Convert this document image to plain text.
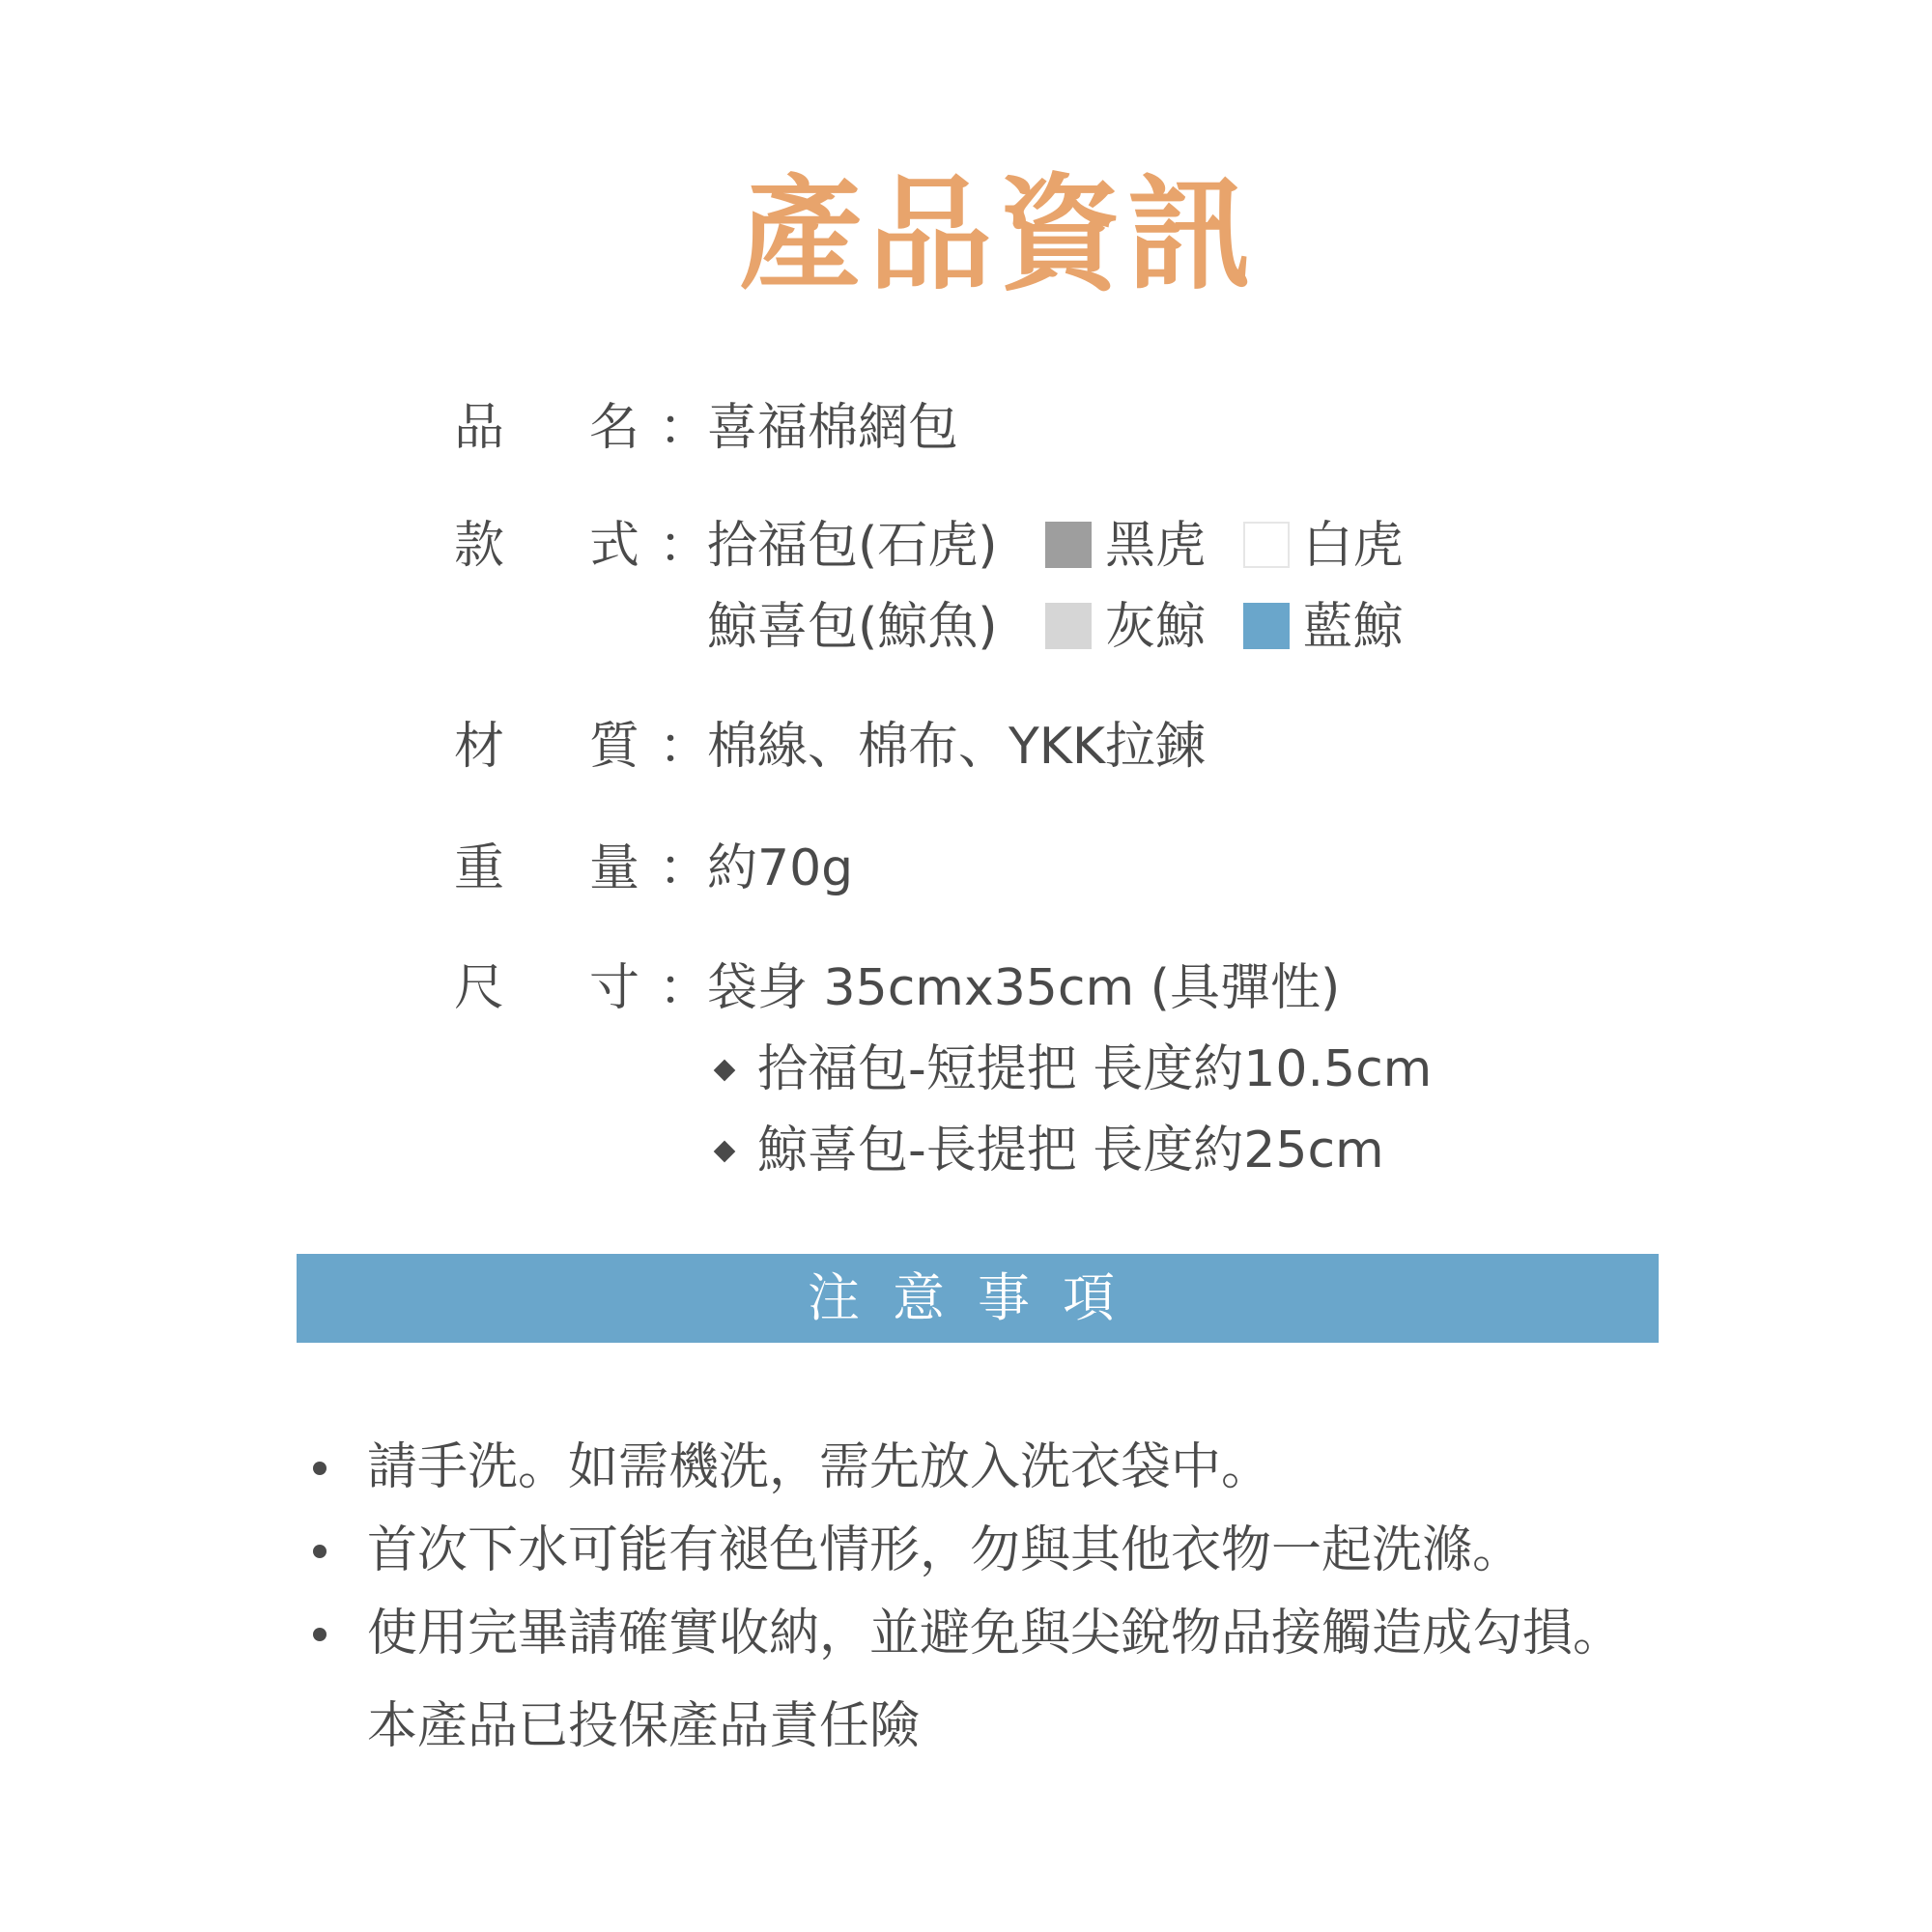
產品資訊
品 名 ：
喜福棉網包
款 式 ：
拾福包(石虎)	黑虎 白虎
鯨喜包(鯨魚)	灰鯨 藍鯨
材 質 ：
棉線、棉布、YKK拉鍊
重 量 ：
約70g
尺 寸 ：
袋身 35cmx35cm (具彈性)
拾福包-短提把 長度約10.5cm
鯨喜包-長提把 長度約25cm
注意事項
請手洗。如需機洗，需先放入洗衣袋中。
首次下水可能有褪色情形，勿與其他衣物一起洗滌。
使用完畢請確實收納，並避免與尖銳物品接觸造成勾損。
本產品已投保產品責任險
